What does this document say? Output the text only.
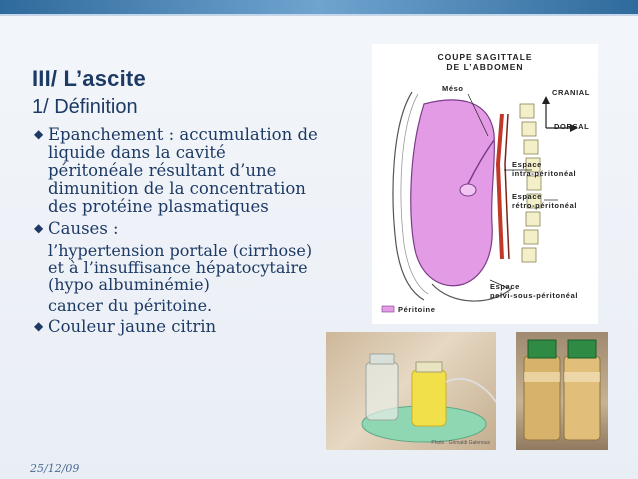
III/ L’ascite
1/ Définition
◆ Epanchement : accumulation de liquide dans la cavité péritonéale résultant d’une dimunition de la concentration des protéine plasmatiques
◆ Causes :
l’hypertension portale (cirrhose) et à l’insuffisance hépatocytaire (hypo albuminémie)
cancer du péritoine.
◆ Couleur jaune citrin
25/12/09
COUPE SAGITTALE
DE L’ABDOMEN
Méso	CRANIAL
DORSAL
Espace
intra-péritonéal
Espace
rétro-péritonéal
Espace
pelvi-sous-péritonéal
Péritoine
Photo : Grimaldi Galenous
